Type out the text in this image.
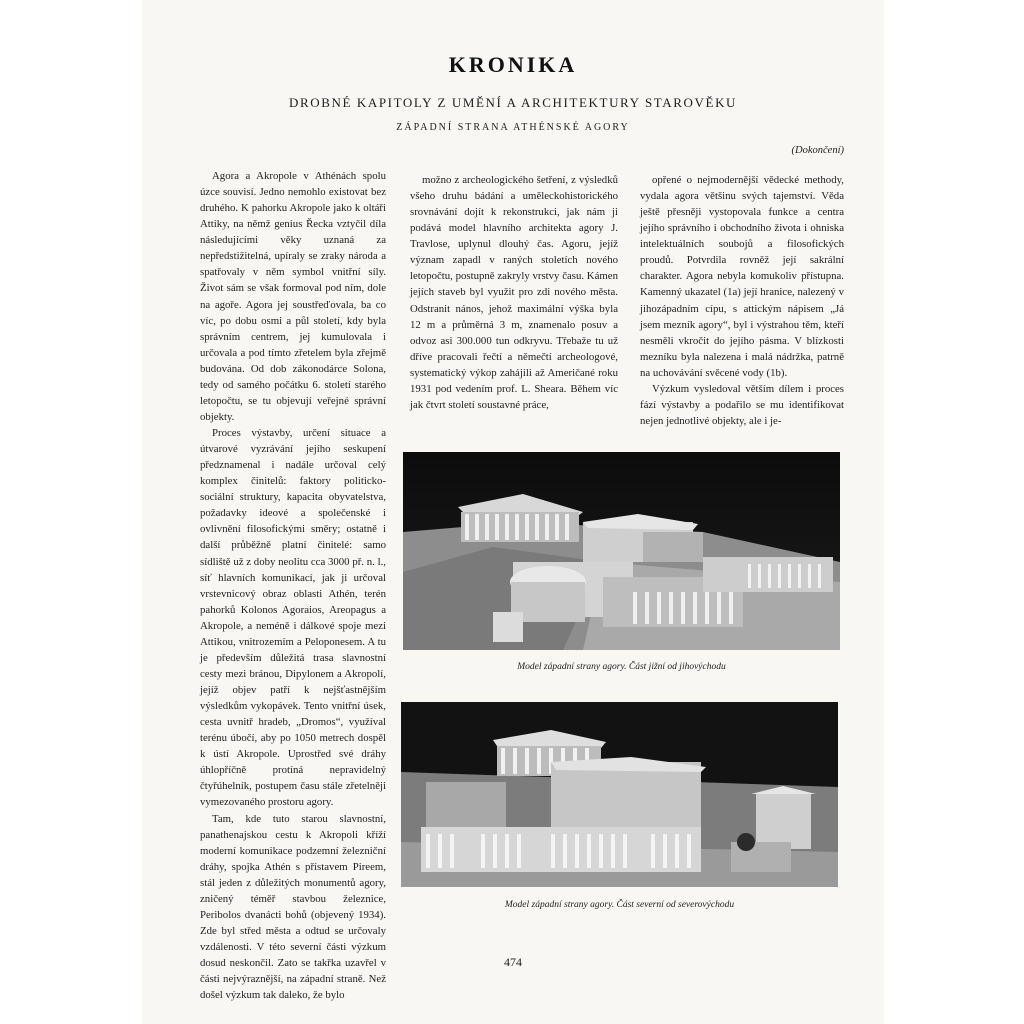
KRONIKA
DROBNÉ KAPITOLY Z UMĚNÍ A ARCHITEKTURY STAROVĚKU
ZÁPADNÍ STRANA ATHÉNSKÉ AGORY
(Dokončení)

Agora a Akropole v Athénách spolu úzce souvisí. Jedno nemohlo existovat bez druhého. K pahorku Akropole jako k oltáři Attiky, na němž genius Řecka vztyčil díla následujícími věky uznaná za nepředstižitelná, upíraly se zraky národa a spatřovaly v něm symbol vnitřní síly. Život sám se však formoval pod ním, dole na agoře. Agora jej soustřeďovala, ba co víc, po dobu osmi a půl století, kdy byla správním centrem, jej kumulovala i určovala a pod tímto zřetelem byla zřejmě budována. Od dob zákonodárce Solona, tedy od samého počátku 6. století starého letopočtu, se tu objevují veřejné správní objekty.

Proces výstavby, určení situace a útvarové vyzrávání jejího seskupení předznamenal i nadále určoval celý komplex činitelů: faktory politicko-sociální struktury, kapacita obyvatelstva, požadavky ideové a společenské i ovlivnění filosofickými směry; ostatně i další průběžně platní činitelé: samo sídliště už z doby neolitu cca 3000 př. n. l., síť hlavních komunikací, jak ji určoval vrstevnicový obraz oblasti Athén, terén pahorků Kolonos Agoraios, Areopagus a Akropole, a neméně i dálkové spoje mezi Attikou, vnitrozemím a Peloponesem. A tu je především důležitá trasa slavnostní cesty mezi bránou, Dipylonem a Akropolí, jejíž objev patří k nejšťastnějším výsledkům vykopávek. Tento vnitřní úsek, cesta uvnitř hradeb, „Dromos“, využíval terénu úbočí, aby po 1050 metrech dospěl k ústí Akropole. Uprostřed své dráhy úhlopříčně protíná nepravidelný čtyřúhelník, postupem času stále zřetelněji vymezovaného prostoru agory.

Tam, kde tuto starou slavnostní, panathenajskou cestu k Akropoli kříží moderní komunikace podzemní železniční dráhy, spojka Athén s přístavem Pireem, stál jeden z důležitých monumentů agory, zničený téměř stavbou železnice, Peribolos dvanácti bohů (objevený 1934). Zde byl střed města a odtud se určovaly vzdálenosti. V této severní části výzkum dosud neskončil. Zato se takřka uzavřel v části nejvýraznější, na západní straně. Než došel výzkum tak daleko, že bylo

možno z archeologického šetření, z výsledků všeho druhu bádání a uměleckohistorického srovnávání dojít k rekonstrukci, jak nám ji podává model hlavního architekta agory J. Travlose, uplynul dlouhý čas. Agoru, jejíž význam zapadl v raných stoletích nového letopočtu, postupně zakryly vrstvy času. Kámen jejích staveb byl využit pro zdi nového města. Odstranit nános, jehož maximální výška byla 12 m a průměrná 3 m, znamenalo posuv a odvoz asi 300.000 tun odkryvu. Třebaže tu už dříve pracovali řečtí a němečtí archeologové, systematický výkop zahájili až Američané roku 1931 pod vedením prof. L. Sheara. Během víc jak čtvrt století soustavné práce,

opřené o nejmodernější vědecké methody, vydala agora většinu svých tajemství. Věda ještě přesněji vystopovala funkce a centra jejího správního i obchodního života i ohniska intelektuálních soubojů a filosofických proudů. Potvrdila rovněž její sakrální charakter. Agora nebyla komukoliv přístupna. Kamenný ukazatel (1a) její hranice, nalezený v jihozápadním cípu, s attickým nápisem „Já jsem mezník agory“, byl i výstrahou těm, kteří nesměli vkročit do jejího pásma. V blízkosti mezníku byla nalezena i malá nádržka, patrně na uchovávání svěcené vody (1b).

Výzkum vysledoval větším dílem i proces fází výstavby a podařilo se mu identifikovat nejen jednotlivé objekty, ale i je-

Model západní strany agory. Část jižní od jihovýchodu
Model západní strany agory. Část severní od severovýchodu
474
